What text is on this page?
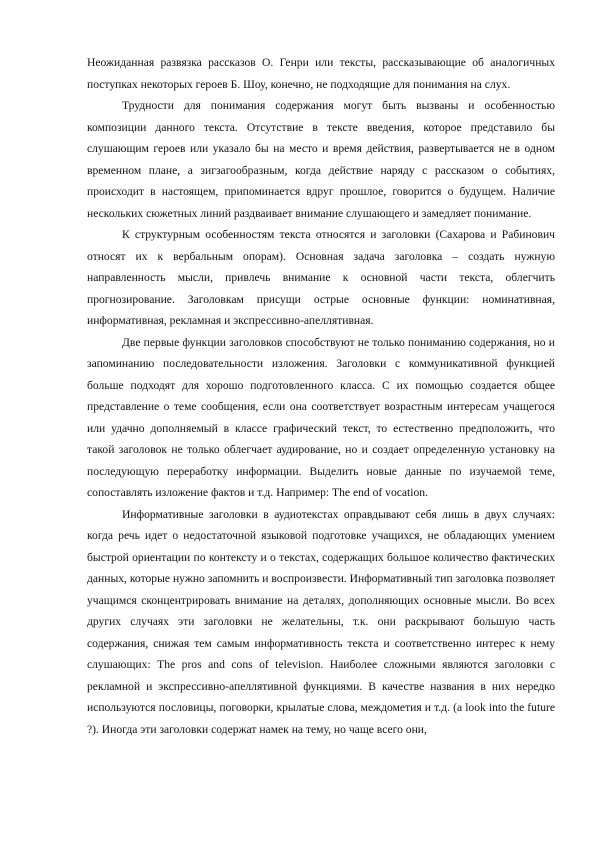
Неожиданная развязка рассказов О. Генри или тексты, рассказывающие об аналогичных поступках некоторых героев Б. Шоу, конечно, не подходящие для понимания на слух.

Трудности для понимания содержания могут быть вызваны и особенностью композиции данного текста. Отсутствие в тексте введения, которое представило бы слушающим героев или указало бы на место и время действия, развертывается не в одном временном плане, а зигзагообразным, когда действие наряду с рассказом о событиях, происходит в настоящем, припоминается вдруг прошлое, говорится о будущем. Наличие нескольких сюжетных линий раздваивает внимание слушающего и замедляет понимание.

К структурным особенностям текста относятся и заголовки (Сахарова и Рабинович относят их к вербальным опорам). Основная задача заголовка – создать нужную направленность мысли, привлечь внимание к основной части текста, облегчить прогнозирование. Заголовкам присущи острые основные функции: номинативная, информативная, рекламная и экспрессивно-апеллятивная.

Две первые функции заголовков способствуют не только пониманию содержания, но и запоминанию последовательности изложения. Заголовки с коммуникативной функцией больше подходят для хорошо подготовленного класса. С их помощью создается общее представление о теме сообщения, если она соответствует возрастным интересам учащегося или удачно дополняемый в классе графический текст, то естественно предположить, что такой заголовок не только облегчает аудирование, но и создает определенную установку на последующую переработку информации. Выделить новые данные по изучаемой теме, сопоставлять изложение фактов и т.д. Например: The end of vocation.

Информативные заголовки в аудиотекстах оправдывают себя лишь в двух случаях: когда речь идет о недостаточной языковой подготовке учащихся, не обладающих умением быстрой ориентации по контексту и о текстах, содержащих большое количество фактических данных, которые нужно запомнить и воспроизвести. Информативный тип заголовка позволяет учащимся сконцентрировать внимание на деталях, дополняющих основные мысли. Во всех других случаях эти заголовки не желательны, т.к. они раскрывают большую часть содержания, снижая тем самым информативность текста и соответственно интерес к нему слушающих: The pros and cons of television. Наиболее сложными являются заголовки с рекламной и экспрессивно-апеллятивной функциями. В качестве названия в них нередко используются пословицы, поговорки, крылатые слова, междометия и т.д. (a look into the future ?). Иногда эти заголовки содержат намек на тему, но чаще всего они,
